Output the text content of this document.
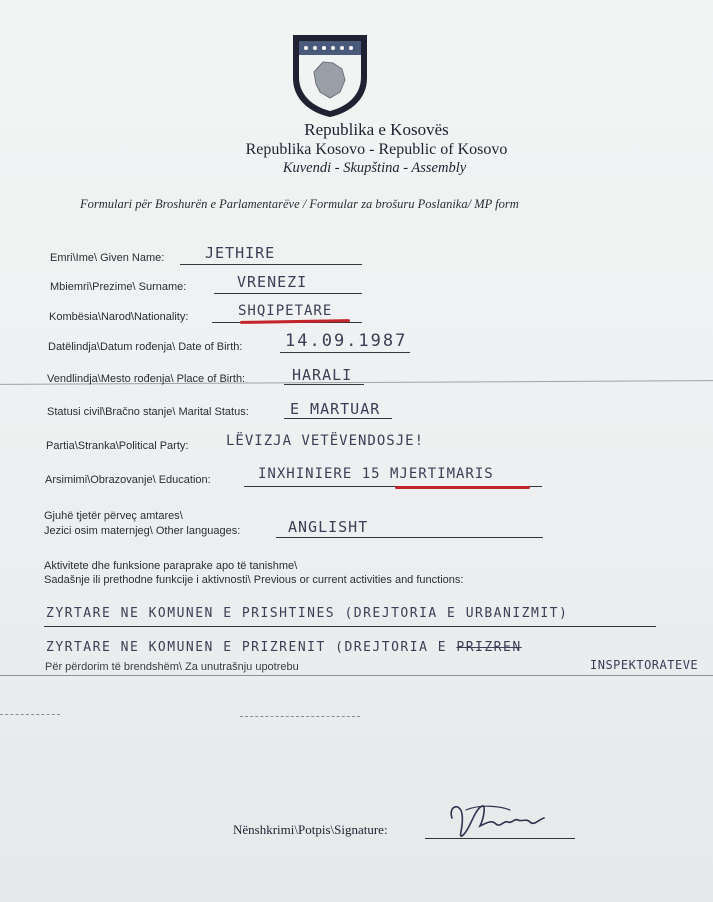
Republika e Kosovës
Republika Kosovo - Republic of Kosovo
Kuvendi - Skupština - Assembly
Formulari për Broshurën e Parlamentarëve / Formular za brošuru Poslanika/ MP form
Emri\Ime\ Given Name:	JETHIRE
Mbiemri\Prezime\ Surname:	VRENEZI
Kombësia\Narod\Nationality:	SHQIPETARE
Datëlindja\Datum rođenja\ Date of Birth:	14.09.1987
Vendlindja\Mesto rođenja\ Place of Birth:	HARALI
Statusi civil\Bračno stanje\ Marital Status:	E MARTUAR
Partia\Stranka\Political Party:	LËVIZJA VETËVENDOSJE!
Arsimimi\Obrazovanje\ Education:	INXHINIERE 15 MJERTIMARIS
Gjuhë tjetër përveç amtares\
Jezici osim maternjeg\ Other languages:	ANGLISHT
Aktivitete dhe funksione paraprake apo të tanishme\
Sadašnje ili prethodne funkcije i aktivnosti\ Previous or current activities and functions:
ZYRTARE NE KOMUNEN E PRISHTINES (DREJTORIA E URBANIZMIT)
ZYRTARE NE KOMUNEN E PRIZRENIT (DREJTORIA E PRIZREN
INSPEKTORATEVE
Për përdorim të brendshëm\ Za unutrašnju upotrebu
Nënshkrimi\Potpis\Signature:
